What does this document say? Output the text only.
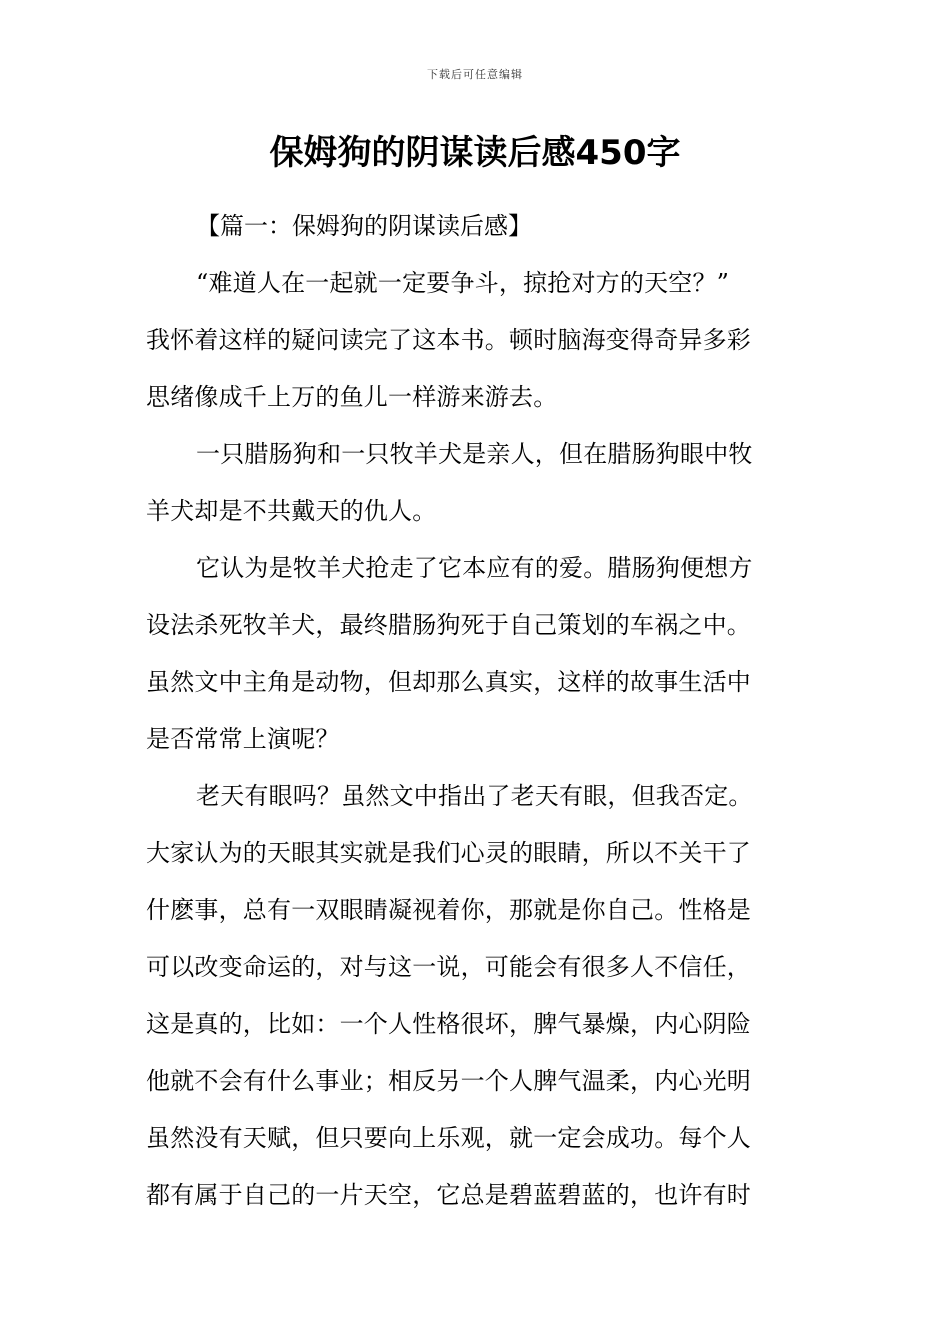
下载后可任意编辑
保姆狗的阴谋读后感450字

【篇一：保姆狗的阴谋读后感】

“难道人在一起就一定要争斗，掠抢对方的天空？”
我怀着这样的疑问读完了这本书。顿时脑海变得奇异多彩
思绪像成千上万的鱼儿一样游来游去。

一只腊肠狗和一只牧羊犬是亲人，但在腊肠狗眼中牧
羊犬却是不共戴天的仇人。

它认为是牧羊犬抢走了它本应有的爱。腊肠狗便想方
设法杀死牧羊犬，最终腊肠狗死于自己策划的车祸之中。
虽然文中主角是动物，但却那么真实，这样的故事生活中
是否常常上演呢？

老天有眼吗？虽然文中指出了老天有眼，但我否定。
大家认为的天眼其实就是我们心灵的眼睛，所以不关干了
什麽事，总有一双眼睛凝视着你，那就是你自己。性格是
可以改变命运的，对与这一说，可能会有很多人不信任，
这是真的，比如：一个人性格很坏，脾气暴燥，内心阴险
他就不会有什么事业；相反另一个人脾气温柔，内心光明
虽然没有天赋，但只要向上乐观，就一定会成功。每个人
都有属于自己的一片天空，它总是碧蓝碧蓝的，也许有时
